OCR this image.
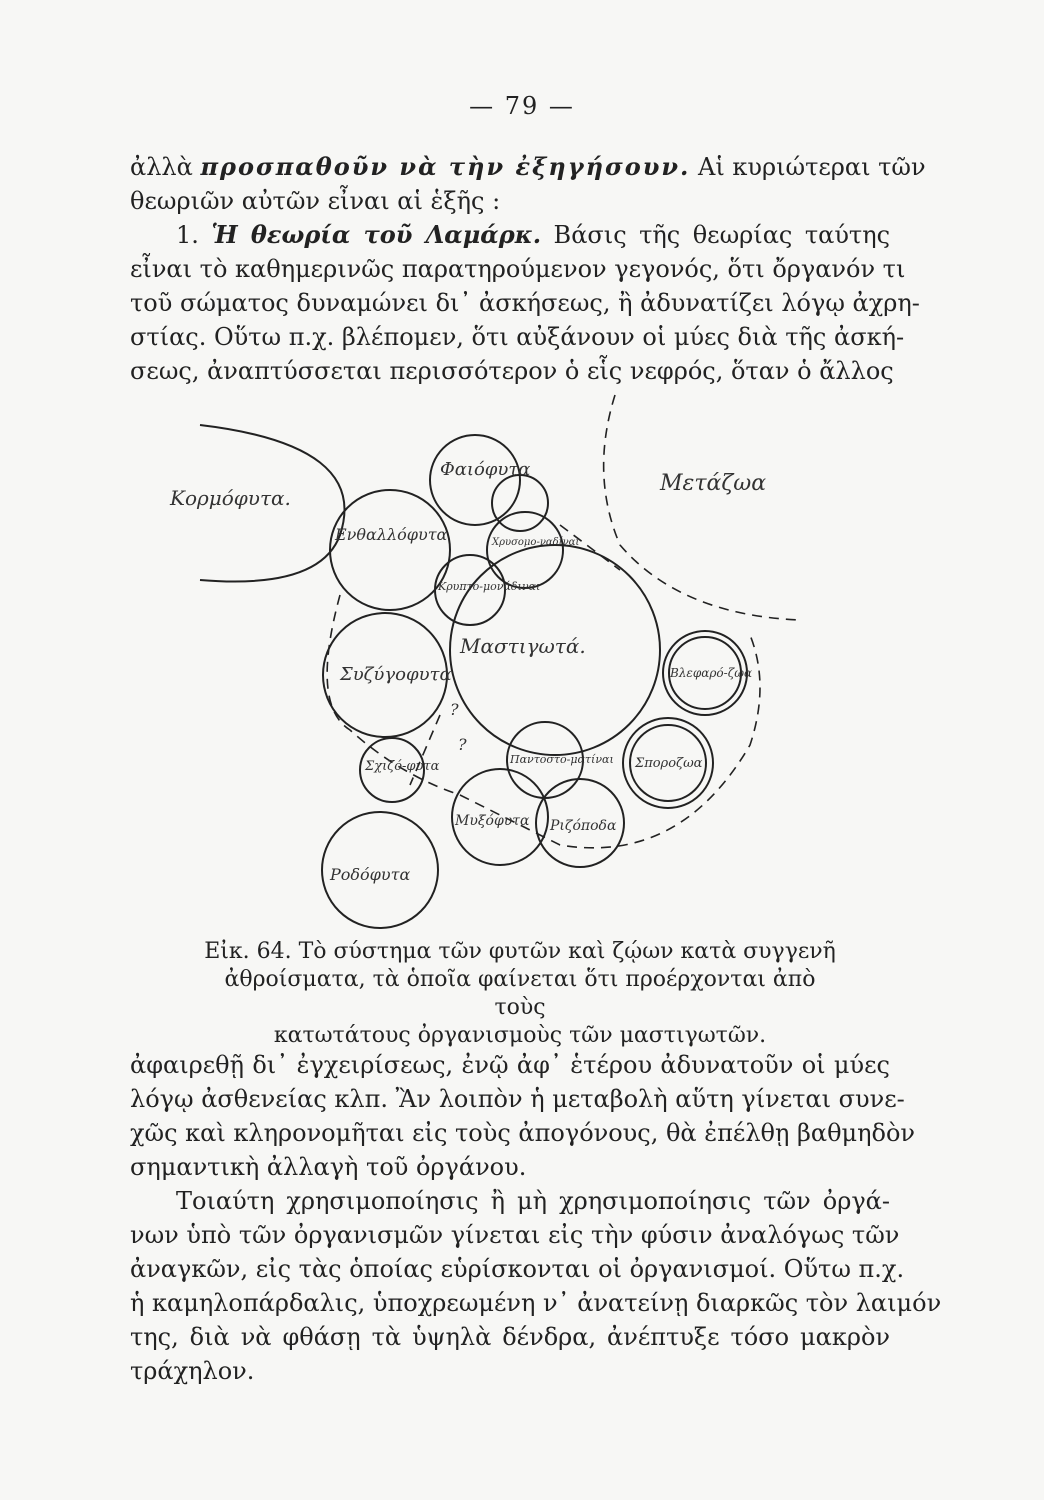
— 79 —
ἀλλὰ προσπαθοῦν νὰ τὴν ἐξηγήσουν. Αἱ κυριώτεραι τῶν
θεωριῶν αὐτῶν εἶναι αἱ ἑξῆς :
1. Ἡ θεωρία τοῦ Λαμάρκ. Βάσις τῆς θεωρίας ταύτης
εἶναι τὸ καθημερινῶς παρατηρούμενον γεγονός, ὅτι ὄργανόν τι
τοῦ σώματος δυναμώνει δι᾿ ἀσκήσεως, ἢ ἀδυνατίζει λόγῳ ἀχρη-
στίας. Οὕτω π.χ. βλέπομεν, ὅτι αὐξάνουν οἱ μύες διὰ τῆς ἀσκή-
σεως, ἀναπτύσσεται περισσότερον ὁ εἷς νεφρός, ὅταν ὁ ἄλλος
Κορμόφυτα.
Φαιόφυτα
Μετάζωα
Ενθαλλόφυτα	Χρυσομο-ναδίναι
Κρυπτο-μονάδιναι
Μαστιγωτά.
Συζύγοφυτα	Βλεφαρό-ζωα
Σχιζό-φυτα	Παντοστο-ματίναι Σποροζωα
Μυξόφυτα Ριζόποδα
Ροδόφυτα
?
?
Εἰκ. 64. Τὸ σύστημα τῶν φυτῶν καὶ ζῴων κατὰ συγγενῆ
ἀθροίσματα, τὰ ὁποῖα φαίνεται ὅτι προέρχονται ἀπὸ τοὺς
κατωτάτους ὀργανισμοὺς τῶν μαστιγωτῶν.
ἀφαιρεθῇ δι᾿ ἐγχειρίσεως, ἐνῷ ἀφ᾿ ἑτέρου ἀδυνατοῦν οἱ μύες
λόγῳ ἀσθενείας κλπ. Ἂν λοιπὸν ἡ μεταβολὴ αὕτη γίνεται συνε-
χῶς καὶ κληρονομῆται εἰς τοὺς ἀπογόνους, θὰ ἐπέλθῃ βαθμηδὸν
σημαντικὴ ἀλλαγὴ τοῦ ὀργάνου.
Τοιαύτη χρησιμοποίησις ἢ μὴ χρησιμοποίησις τῶν ὀργά-
νων ὑπὸ τῶν ὀργανισμῶν γίνεται εἰς τὴν φύσιν ἀναλόγως τῶν
ἀναγκῶν, εἰς τὰς ὁποίας εὑρίσκονται οἱ ὀργανισμοί. Οὕτω π.χ.
ἡ καμηλοπάρδαλις, ὑποχρεωμένη ν᾿ ἀνατείνῃ διαρκῶς τὸν λαιμόν
της, διὰ νὰ φθάσῃ τὰ ὑψηλὰ δένδρα, ἀνέπτυξε τόσο μακρὸν
τράχηλον.
